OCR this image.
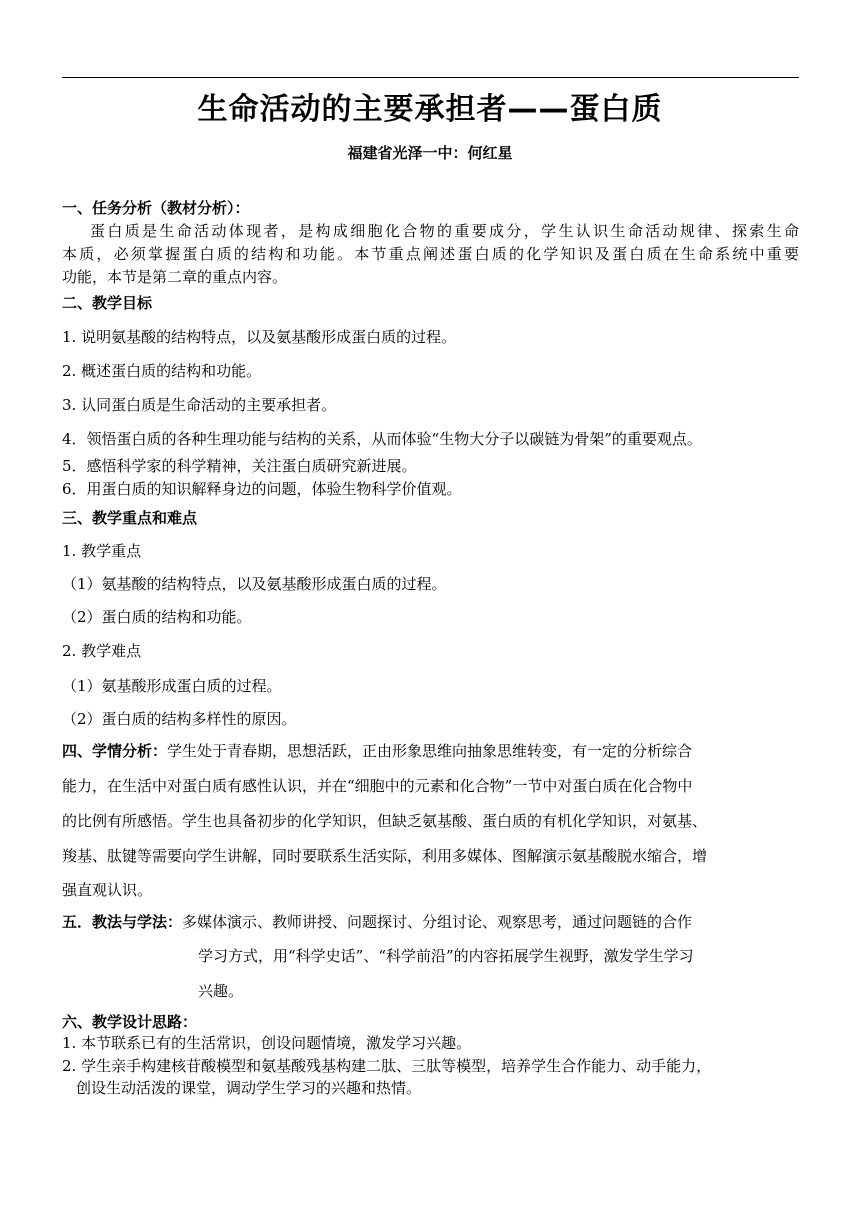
生命活动的主要承担者——蛋白质
福建省光泽一中：何红星
一、任务分析（教材分析）：
蛋白质是生命活动体现者，是构成细胞化合物的重要成分，学生认识生命活动规律、探索生命
本质，必须掌握蛋白质的结构和功能。本节重点阐述蛋白质的化学知识及蛋白质在生命系统中重要
功能，本节是第二章的重点内容。
二、教学目标
1. 说明氨基酸的结构特点，以及氨基酸形成蛋白质的过程。
2. 概述蛋白质的结构和功能。
3. 认同蛋白质是生命活动的主要承担者。
4．领悟蛋白质的各种生理功能与结构的关系，从而体验“生物大分子以碳链为骨架”的重要观点。
5．感悟科学家的科学精神，关注蛋白质研究新进展。
6．用蛋白质的知识解释身边的问题，体验生物科学价值观。
三、教学重点和难点
1. 教学重点
（1）氨基酸的结构特点，以及氨基酸形成蛋白质的过程。
（2）蛋白质的结构和功能。
2. 教学难点
（1）氨基酸形成蛋白质的过程。
（2）蛋白质的结构多样性的原因。
四、学情分析：学生处于青春期，思想活跃，正由形象思维向抽象思维转变，有一定的分析综合
能力，在生活中对蛋白质有感性认识，并在“细胞中的元素和化合物”一节中对蛋白质在化合物中
的比例有所感悟。学生也具备初步的化学知识，但缺乏氨基酸、蛋白质的有机化学知识，对氨基、
羧基、肽键等需要向学生讲解，同时要联系生活实际，利用多媒体、图解演示氨基酸脱水缩合，增
强直观认识。
五．教法与学法：多媒体演示、教师讲授、问题探讨、分组讨论、观察思考，通过问题链的合作
学习方式，用“科学史话”、“科学前沿”的内容拓展学生视野，激发学生学习
兴趣。
六、教学设计思路：
1. 本节联系已有的生活常识，创设问题情境，激发学习兴趣。
2. 学生亲手构建核苷酸模型和氨基酸残基构建二肽、三肽等模型，培养学生合作能力、动手能力，
创设生动活泼的课堂，调动学生学习的兴趣和热情。
